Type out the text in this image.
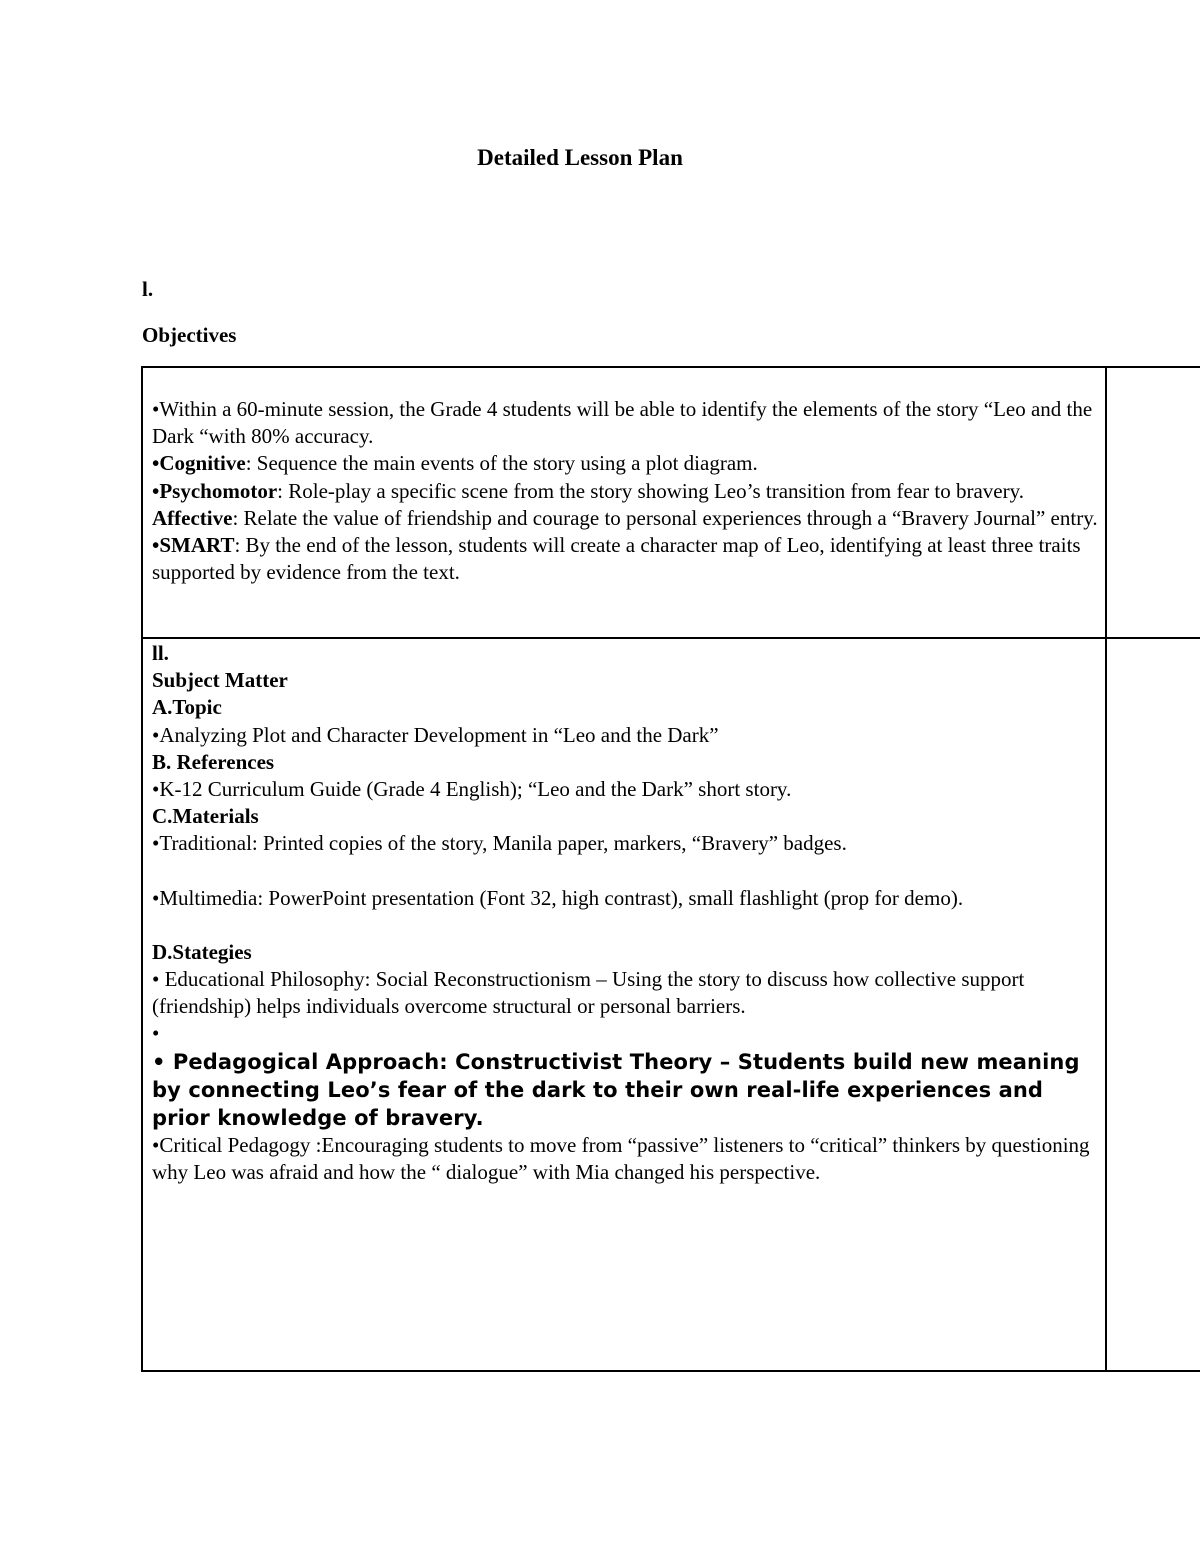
Detailed Lesson Plan
l.
Objectives

•Within a 60-minute session, the Grade 4 students will be able to identify the elements of the story “Leo and the Dark “with 80% accuracy.

•Cognitive: Sequence the main events of the story using a plot diagram.

•Psychomotor: Role-play a specific scene from the story showing Leo’s transition from fear to bravery.

Affective: Relate the value of friendship and courage to personal experiences through a “Bravery Journal” entry.

•SMART: By the end of the lesson, students will create a character map of Leo, identifying at least three traits supported by evidence from the text.

ll.

Subject Matter

A.Topic

•Analyzing Plot and Character Development in “Leo and the Dark”

B. References

•K-12 Curriculum Guide (Grade 4 English); “Leo and the Dark” short story.

C.Materials

•Traditional: Printed copies of the story, Manila paper, markers, “Bravery” badges.

•Multimedia: PowerPoint presentation (Font 32, high contrast), small flashlight (prop for demo).

D.Stategies

• Educational Philosophy: Social Reconstructionism – Using the story to discuss how collective support (friendship) helps individuals overcome structural or personal barriers.

•

• Pedagogical Approach: Constructivist Theory – Students build new meaning by connecting Leo’s fear of the dark to their own real-life experiences and prior knowledge of bravery.

•Critical Pedagogy :Encouraging students to move from “passive” listeners to “critical” thinkers by questioning why Leo was afraid and how the “ dialogue” with Mia changed his perspective.
